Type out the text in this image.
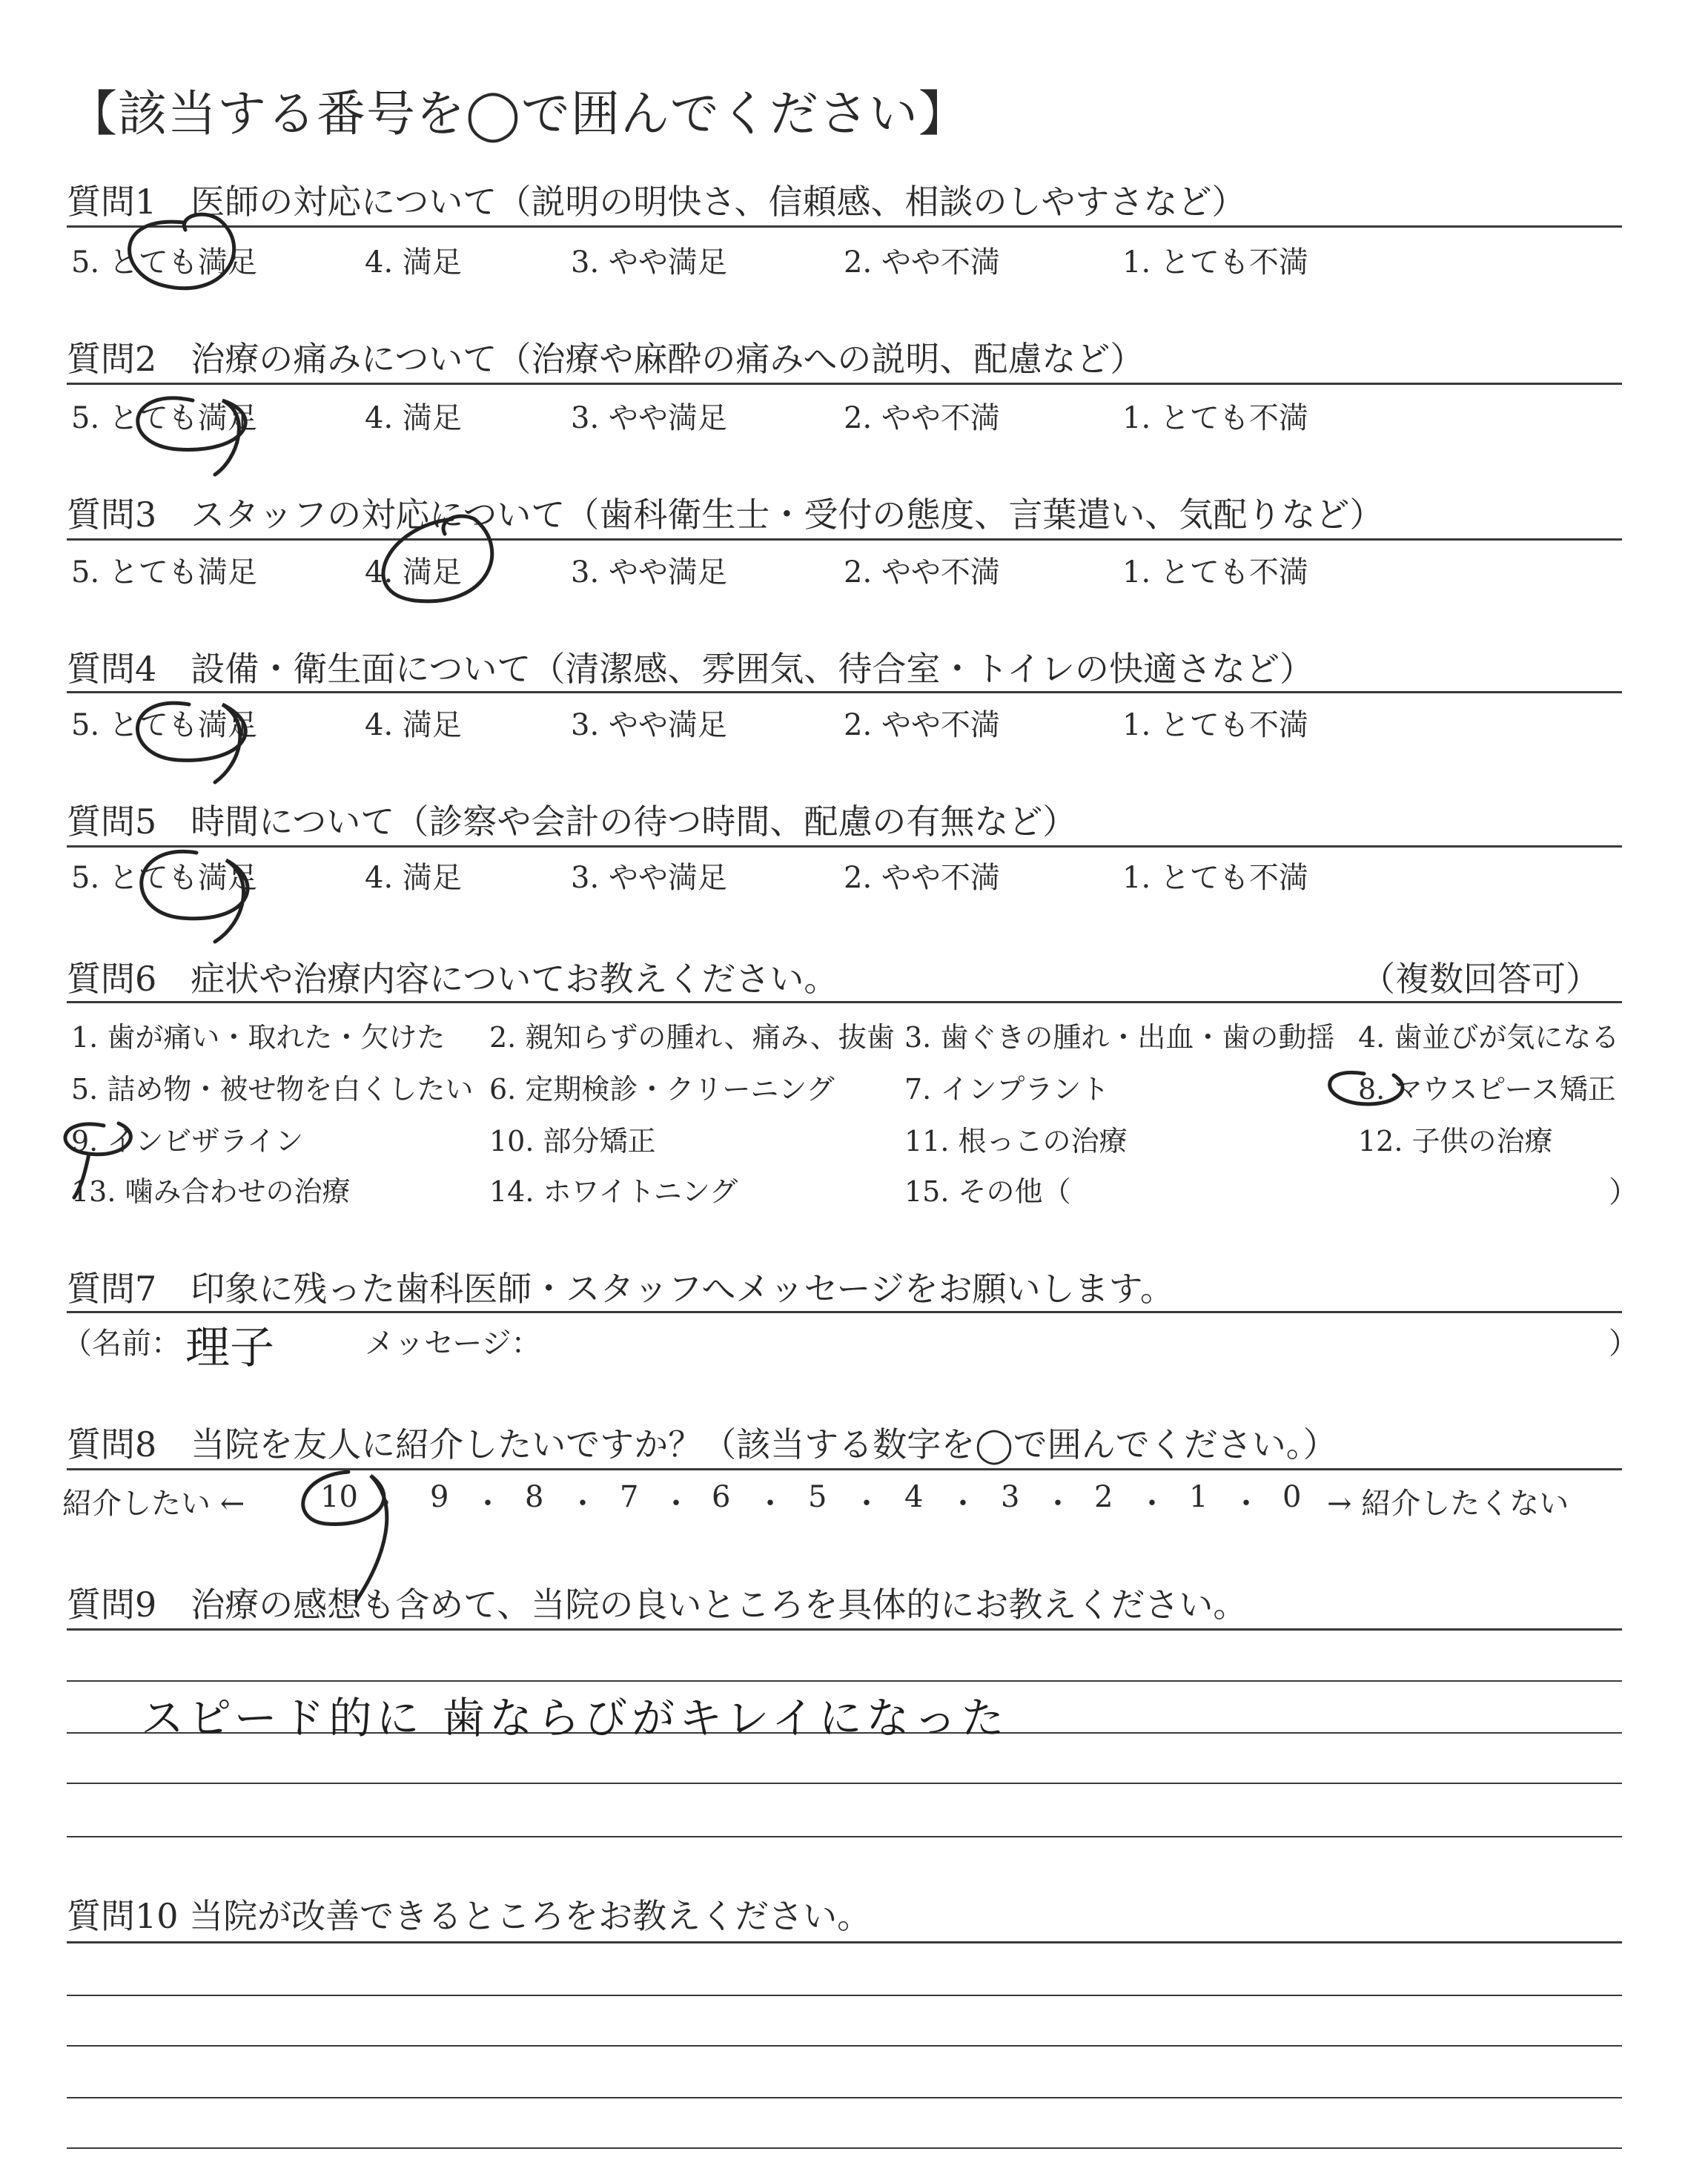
【該当する番号を◯で囲んでください】
質問1　医師の対応について（説明の明快さ、信頼感、相談のしやすさなど）
5. とても満足	4. 満足	3. やや満足	2. やや不満	1. とても不満
質問2　治療の痛みについて（治療や麻酔の痛みへの説明、配慮など）
5. とても満足	4. 満足	3. やや満足	2. やや不満	1. とても不満
質問3　スタッフの対応について（歯科衛生士・受付の態度、言葉遣い、気配りなど）
5. とても満足	4. 満足	3. やや満足	2. やや不満	1. とても不満
質問4　設備・衛生面について（清潔感、雰囲気、待合室・トイレの快適さなど）
5. とても満足	4. 満足	3. やや満足	2. やや不満	1. とても不満
質問5　時間について（診察や会計の待つ時間、配慮の有無など）
5. とても満足	4. 満足	3. やや満足	2. やや不満	1. とても不満
質問6　症状や治療内容についてお教えください。	（複数回答可）
1. 歯が痛い・取れた・欠けた 2. 親知らずの腫れ、痛み、抜歯 3. 歯ぐきの腫れ・出血・歯の動揺 4. 歯並びが気になる
5. 詰め物・被せ物を白くしたい 6. 定期検診・クリーニング 7. インプラント	8. マウスピース矯正
9. インビザライン	10. 部分矯正	11. 根っこの治療	12. 子供の治療
13. 噛み合わせの治療	14. ホワイトニング	15. その他（	）
質問7　印象に残った歯科医師・スタッフへメッセージをお願いします。
（名前： 理子	メッセージ：	）
質問8　当院を友人に紹介したいですか？（該当する数字を◯で囲んでください。）
紹介したい ←	10 ・ 9 ・ 8 ・ 7 ・ 6 ・ 5 ・ 4 ・ 3 ・ 2 ・ 1 ・ 0 → 紹介したくない
質問9　治療の感想も含めて、当院の良いところを具体的にお教えください。
スピード的に 歯ならびがキレイになった
質問10 当院が改善できるところをお教えください。
